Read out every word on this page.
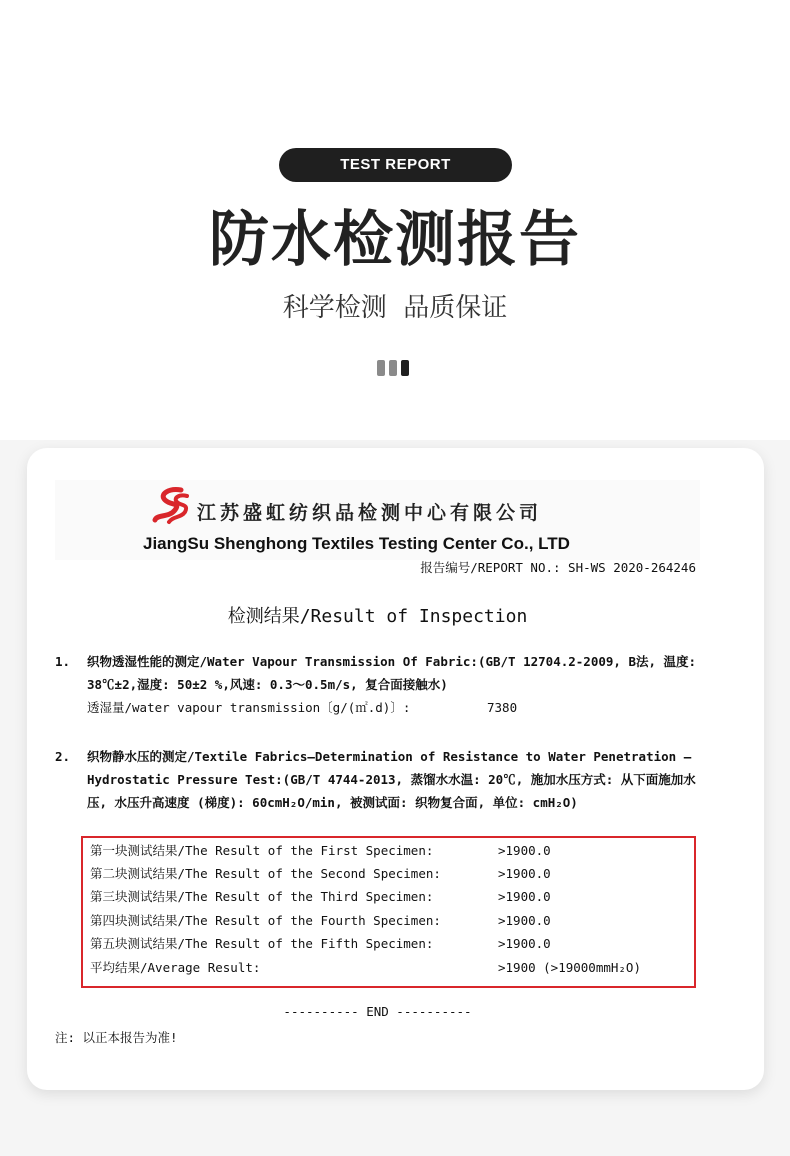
TEST REPORT
防水检测报告
科学检测  品质保证
江苏盛虹纺织品检测中心有限公司
JiangSu Shenghong Textiles Testing Center Co., LTD
报告编号/REPORT NO.: SH-WS 2020-264246
检测结果/Result of Inspection
1. 织物透湿性能的测定/Water Vapour Transmission Of Fabric:(GB/T 12704.2-2009, B法, 温度: 38℃±2,湿度: 50±2 %,风速: 0.3～0.5m/s, 复合面接触水)
透湿量/water vapour transmission〔g/(㎡.d)〕:	7380
2. 织物静水压的测定/Textile Fabrics—Determination of Resistance to Water Penetration —Hydrostatic Pressure Test:(GB/T 4744-2013, 蒸馏水水温: 20℃, 施加水压方式: 从下面施加水压, 水压升高速度 (梯度): 60cmH₂O/min, 被测试面: 织物复合面, 单位: cmH₂O)
第一块测试结果/The Result of the First Specimen:	>1900.0
第二块测试结果/The Result of the Second Specimen:	>1900.0
第三块测试结果/The Result of the Third Specimen:	>1900.0
第四块测试结果/The Result of the Fourth Specimen:	>1900.0
第五块测试结果/The Result of the Fifth Specimen:	>1900.0
平均结果/Average Result:	>1900 (>19000mmH₂O)
---------- END ----------
注: 以正本报告为准!
